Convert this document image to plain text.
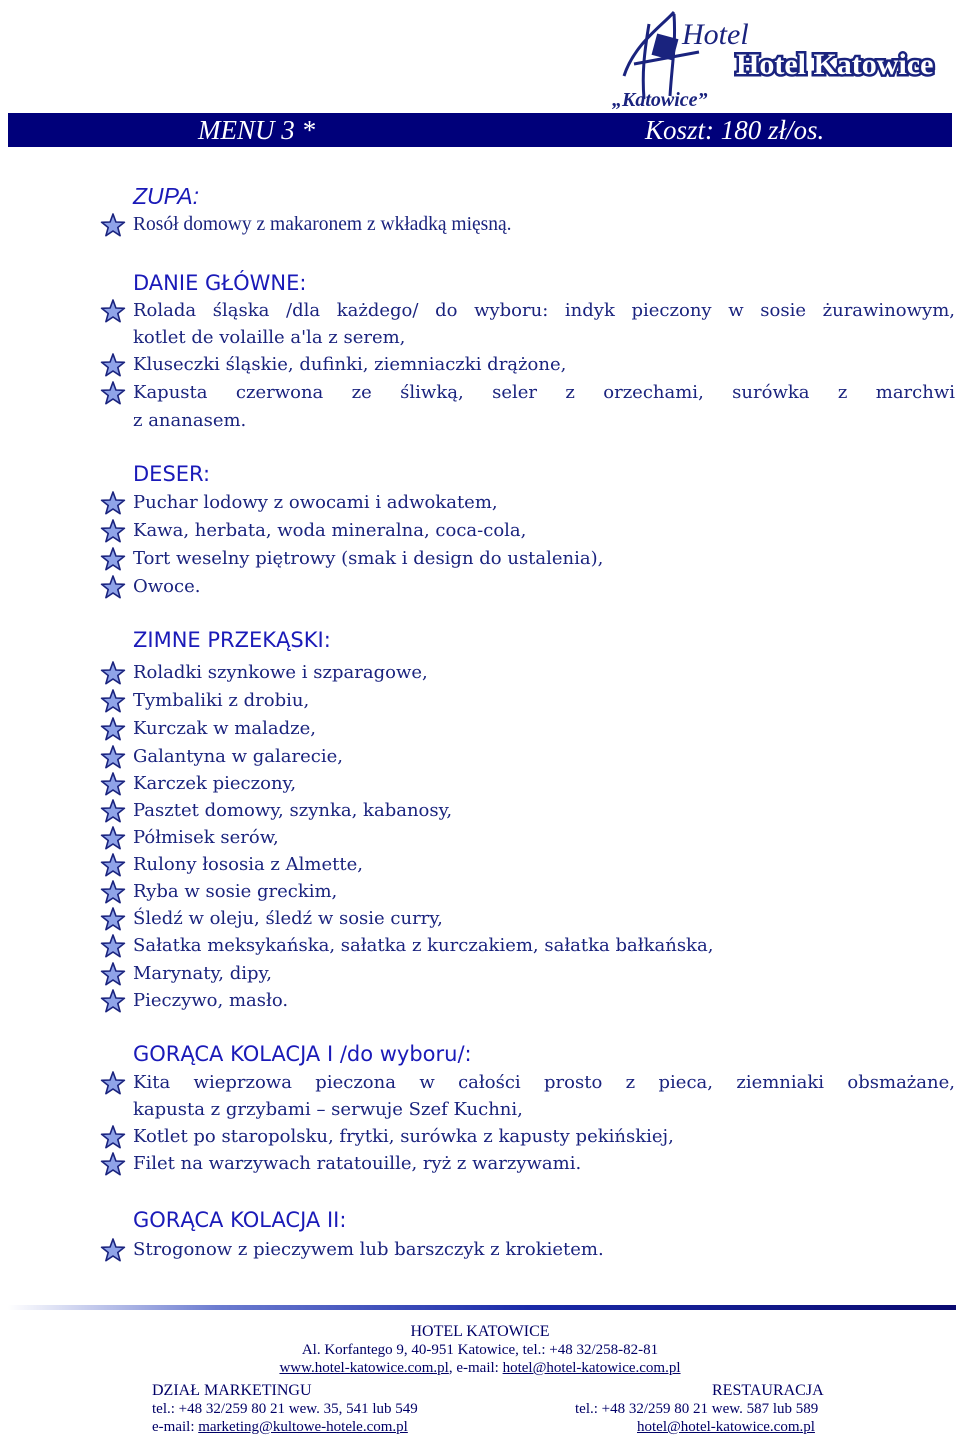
Hotel
„Katowice”
Hotel Katowice
MENU 3 *	Koszt: 180 zł/os.
ZUPA:
Rosół domowy z makaronem z wkładką mięsną.
DANIE GŁÓWNE:
Rolada śląska /dla każdego/ do wyboru: indyk pieczony w sosie żurawinowym,
kotlet de volaille a'la z serem,
Kluseczki śląskie, dufinki, ziemniaczki drążone,
Kapusta czerwona ze śliwką, seler z orzechami, surówka z marchwi
z ananasem.
DESER:
Puchar lodowy z owocami i adwokatem,
Kawa, herbata, woda mineralna, coca-cola,
Tort weselny piętrowy (smak i design do ustalenia),
Owoce.
ZIMNE PRZEKĄSKI:
Roladki szynkowe i szparagowe,
Tymbaliki z drobiu,
Kurczak w maladze,
Galantyna w galarecie,
Karczek pieczony,
Pasztet domowy, szynka, kabanosy,
Półmisek serów,
Rulony łososia z Almette,
Ryba w sosie greckim,
Śledź w oleju, śledź w sosie curry,
Sałatka meksykańska, sałatka z kurczakiem, sałatka bałkańska,
Marynaty, dipy,
Pieczywo, masło.
GORĄCA KOLACJA I /do wyboru/:
Kita wieprzowa pieczona w całości prosto z pieca, ziemniaki obsmażane,
kapusta z grzybami – serwuje Szef Kuchni,
Kotlet po staropolsku, frytki, surówka z kapusty pekińskiej,
Filet na warzywach ratatouille, ryż z warzywami.
GORĄCA KOLACJA II:
Strogonow z pieczywem lub barszczyk z krokietem.
HOTEL KATOWICE
Al. Korfantego 9, 40-951 Katowice, tel.: +48 32/258-82-81
www.hotel-katowice.com.pl, e-mail: hotel@hotel-katowice.com.pl
DZIAŁ MARKETINGU
tel.: +48 32/259 80 21 wew. 35, 541 lub 549
e-mail: marketing@kultowe-hotele.com.pl
RESTAURACJA
tel.: +48 32/259 80 21 wew. 587 lub 589
hotel@hotel-katowice.com.pl
